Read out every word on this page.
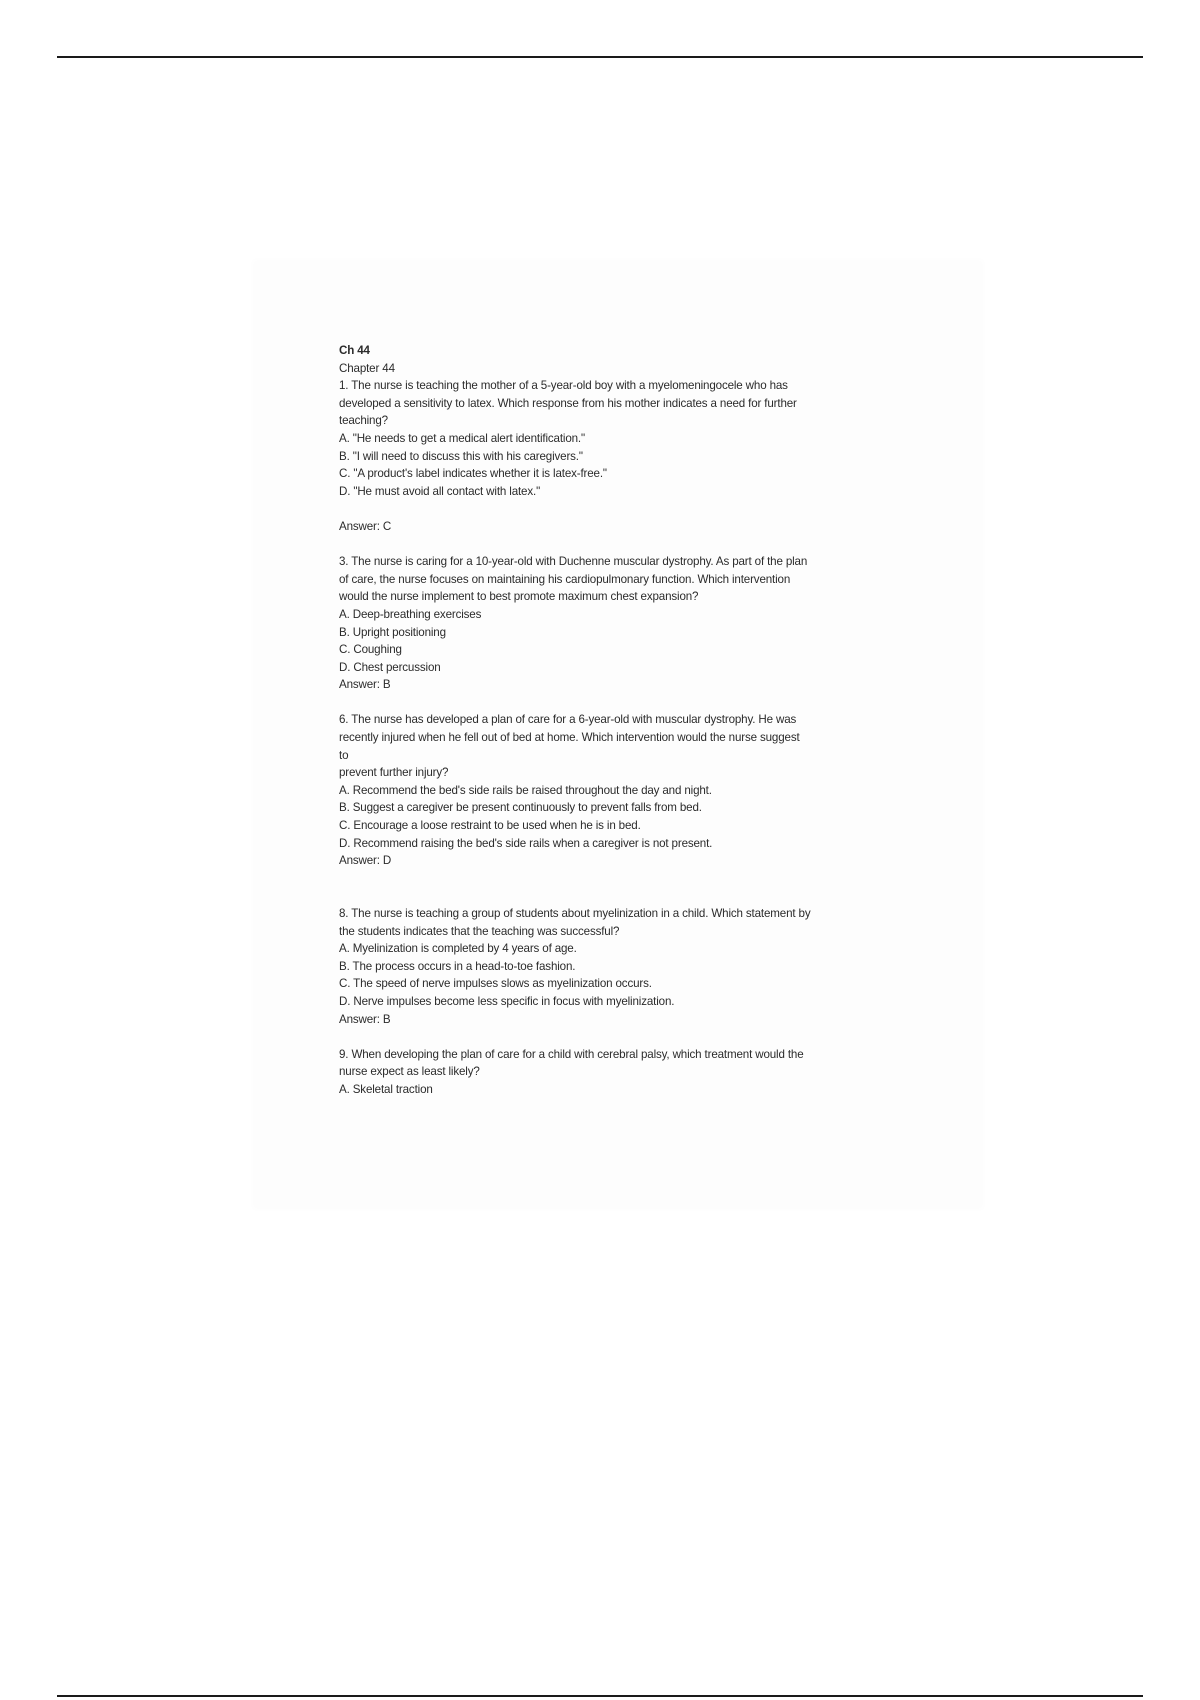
Ch 44

Chapter 44

1. The nurse is teaching the mother of a 5-year-old boy with a myelomeningocele who has

developed a sensitivity to latex. Which response from his mother indicates a need for further

teaching?

A. "He needs to get a medical alert identification."

B. "I will need to discuss this with his caregivers."

C. "A product's label indicates whether it is latex-free."

D. "He must avoid all contact with latex."

Answer: C

3. The nurse is caring for a 10-year-old with Duchenne muscular dystrophy. As part of the plan

of care, the nurse focuses on maintaining his cardiopulmonary function. Which intervention

would the nurse implement to best promote maximum chest expansion?

A. Deep-breathing exercises

B. Upright positioning

C. Coughing

D. Chest percussion

Answer: B

6. The nurse has developed a plan of care for a 6-year-old with muscular dystrophy. He was

recently injured when he fell out of bed at home. Which intervention would the nurse suggest

to

prevent further injury?

A. Recommend the bed's side rails be raised throughout the day and night.

B. Suggest a caregiver be present continuously to prevent falls from bed.

C. Encourage a loose restraint to be used when he is in bed.

D. Recommend raising the bed's side rails when a caregiver is not present.

Answer: D

8. The nurse is teaching a group of students about myelinization in a child. Which statement by

the students indicates that the teaching was successful?

A. Myelinization is completed by 4 years of age.

B. The process occurs in a head-to-toe fashion.

C. The speed of nerve impulses slows as myelinization occurs.

D. Nerve impulses become less specific in focus with myelinization.

Answer: B

9. When developing the plan of care for a child with cerebral palsy, which treatment would the

nurse expect as least likely?

A. Skeletal traction
